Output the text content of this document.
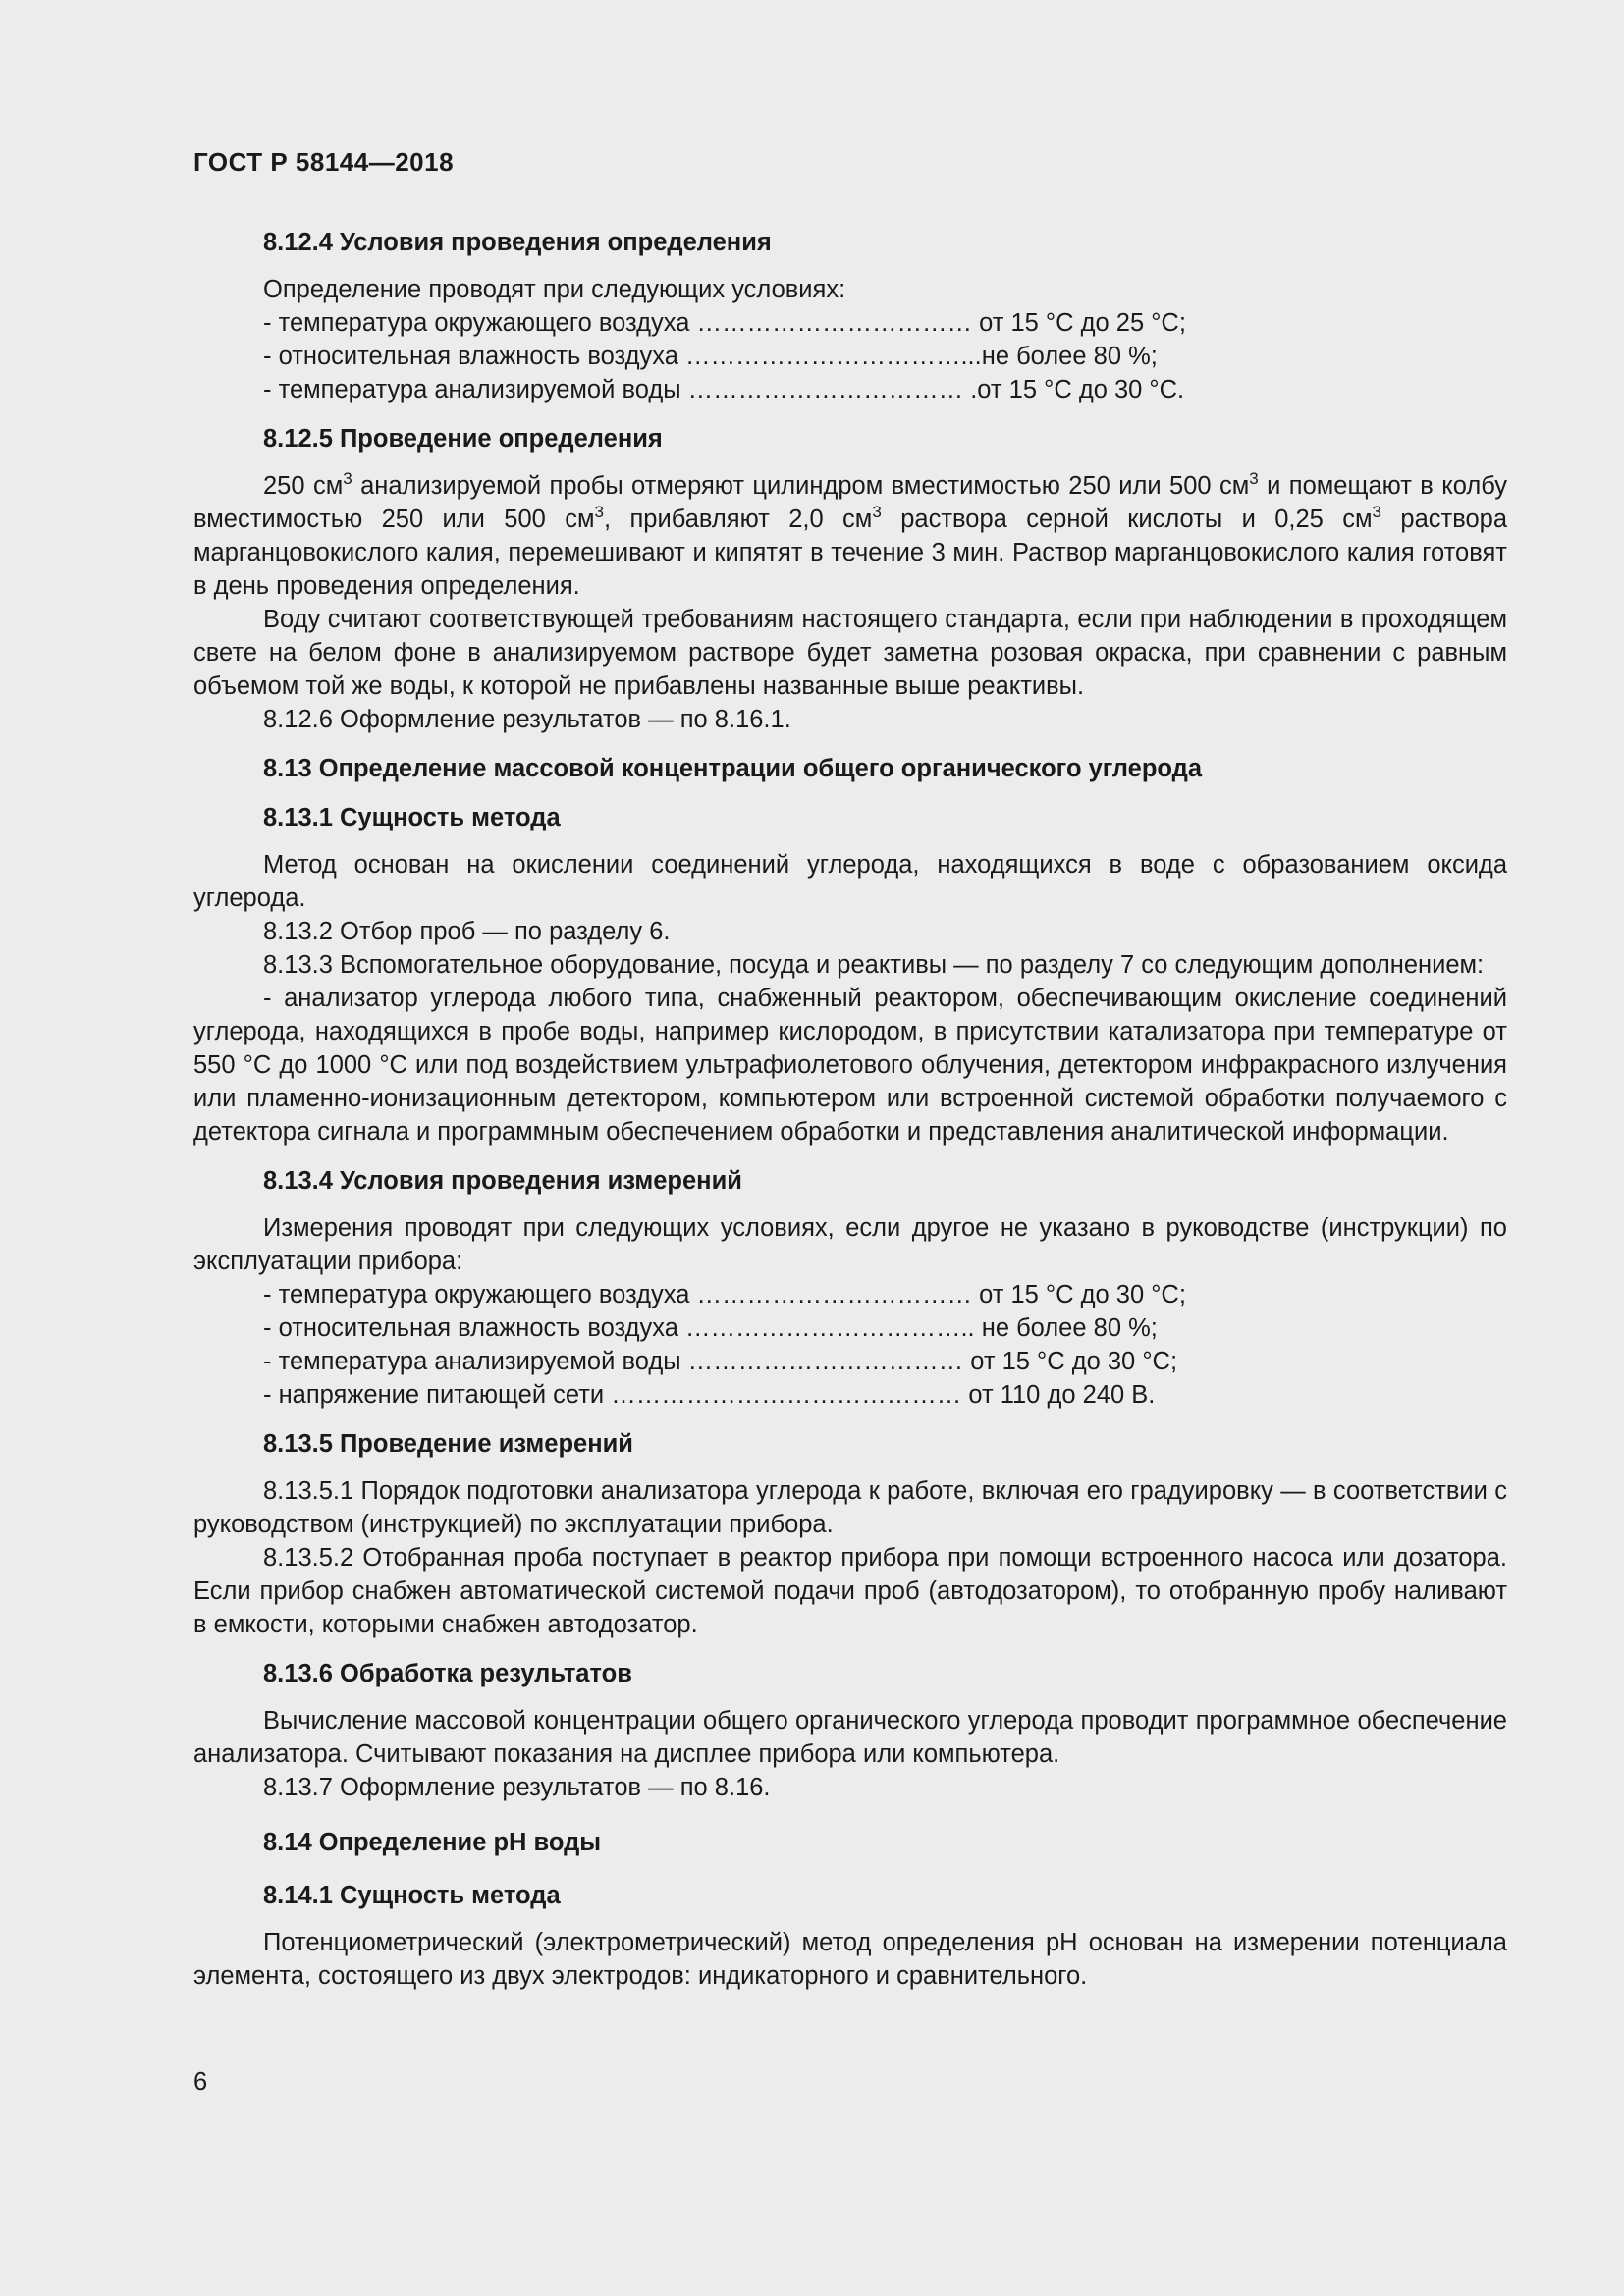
ГОСТ Р 58144—2018
8.12.4 Условия проведения определения
Определение проводят при следующих условиях:
- температура окружающего воздуха …………………………… от 15 °С до 25 °С;
- относительная влажность воздуха ……………………………...не более 80 %;
- температура анализируемой воды …………………………… .от 15 °С до 30 °С.
8.12.5 Проведение определения
250 $см^3$ анализируемой пробы отмеряют цилиндром вместимостью 250 или 500 $см^3$ и помещают в колбу вместимостью 250 или 500 $см^3$, прибавляют 2,0 $см^3$ раствора серной кислоты и 0,25 $см^3$ раствора марганцовокислого калия, перемешивают и кипятят в течение 3 мин. Раствор марганцовокислого калия готовят в день проведения определения.
Воду считают соответствующей требованиям настоящего стандарта, если при наблюдении в проходящем свете на белом фоне в анализируемом растворе будет заметна розовая окраска, при сравнении с равным объемом той же воды, к которой не прибавлены названные выше реактивы.
8.12.6 Оформление результатов — по 8.16.1.
8.13 Определение массовой концентрации общего органического углерода
8.13.1 Сущность метода
Метод основан на окислении соединений углерода, находящихся в воде с образованием оксида углерода.
8.13.2 Отбор проб — по разделу 6.
8.13.3 Вспомогательное оборудование, посуда и реактивы — по разделу 7 со следующим дополнением:
- анализатор углерода любого типа, снабженный реактором, обеспечивающим окисление соединений углерода, находящихся в пробе воды, например кислородом, в присутствии катализатора при температуре от 550 °С до 1000 °С или под воздействием ультрафиолетового облучения, детектором инфракрасного излучения или пламенно-ионизационным детектором, компьютером или встроенной системой обработки получаемого с детектора сигнала и программным обеспечением обработки и представления аналитической информации.
8.13.4 Условия проведения измерений
Измерения проводят при следующих условиях, если другое не указано в руководстве (инструкции) по эксплуатации прибора:
- температура окружающего воздуха …………………………… от 15 °С до 30 °С;
- относительная влажность воздуха …………………………….. не более 80 %;
- температура анализируемой воды …………………………… от 15 °С до 30 °С;
- напряжение питающей сети …………………………………… от 110 до 240 В.
8.13.5 Проведение измерений
8.13.5.1 Порядок подготовки анализатора углерода к работе, включая его градуировку — в соответствии с руководством (инструкцией) по эксплуатации прибора.
8.13.5.2 Отобранная проба поступает в реактор прибора при помощи встроенного насоса или дозатора. Если прибор снабжен автоматической системой подачи проб (автодозатором), то отобранную пробу наливают в емкости, которыми снабжен автодозатор.
8.13.6 Обработка результатов
Вычисление массовой концентрации общего органического углерода проводит программное обеспечение анализатора. Считывают показания на дисплее прибора или компьютера.
8.13.7 Оформление результатов — по 8.16.
8.14 Определение рН воды
8.14.1 Сущность метода
Потенциометрический (электрометрический) метод определения рН основан на измерении потенциала элемента, состоящего из двух электродов: индикаторного и сравнительного.
6
